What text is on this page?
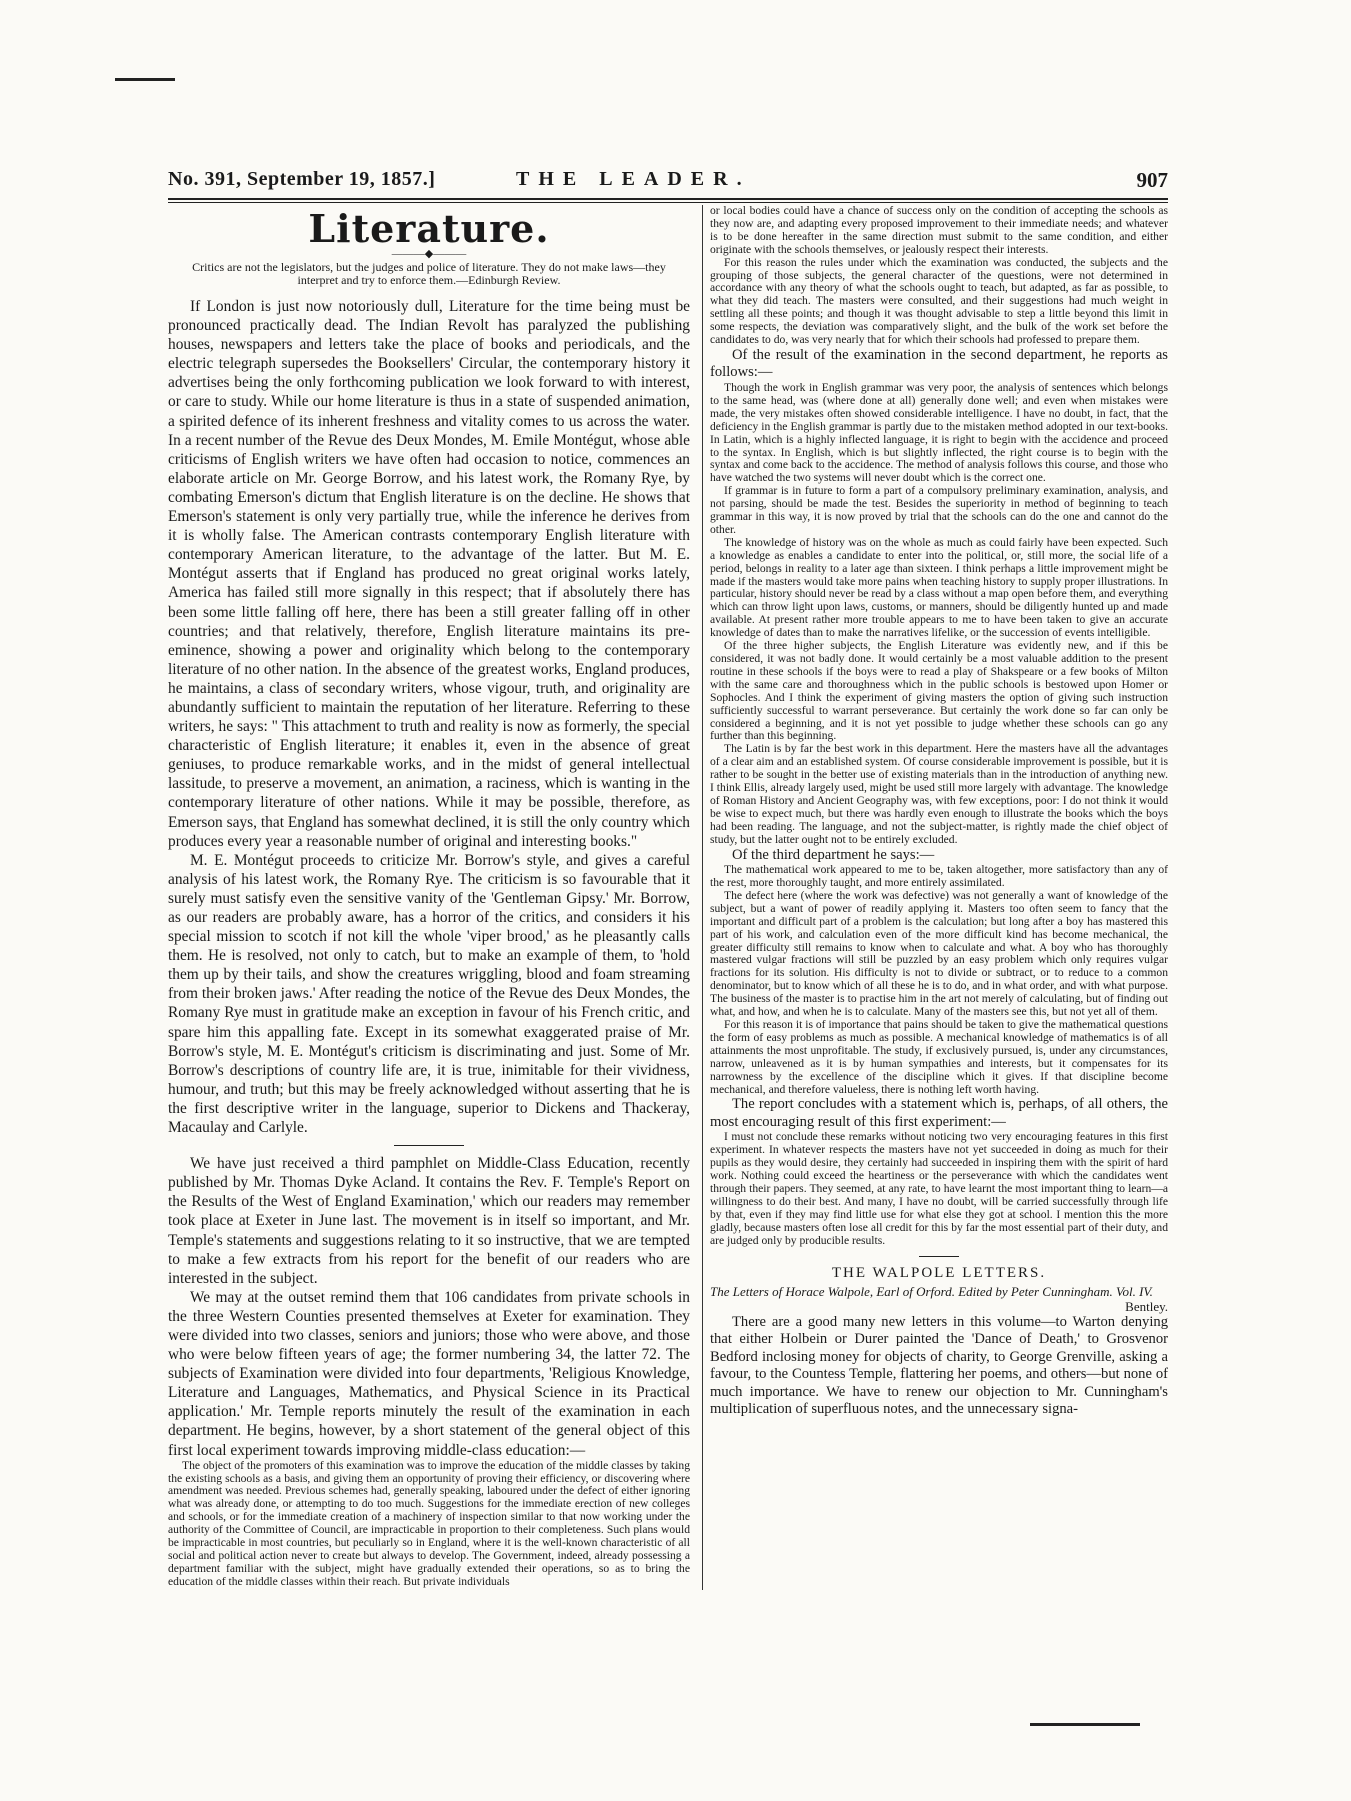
No. 391, September 19, 1857.]	THE LEADER.	907
Literature.
———◆———
Critics are not the legislators, but the judges and police of literature. They do not make laws—they interpret and try to enforce them.—Edinburgh Review.

If London is just now notoriously dull, Literature for the time being must be pronounced practically dead. The Indian Revolt has paralyzed the publishing houses, newspapers and letters take the place of books and periodicals, and the electric telegraph supersedes the Booksellers' Circular, the contemporary history it advertises being the only forthcoming publication we look forward to with interest, or care to study. While our home literature is thus in a state of suspended animation, a spirited defence of its inherent freshness and vitality comes to us across the water. In a recent number of the Revue des Deux Mondes, M. Emile Montégut, whose able criticisms of English writers we have often had occasion to notice, commences an elaborate article on Mr. George Borrow, and his latest work, the Romany Rye, by combating Emerson's dictum that English literature is on the decline. He shows that Emerson's statement is only very partially true, while the inference he derives from it is wholly false. The American contrasts contemporary English literature with contemporary American literature, to the advantage of the latter. But M. E. Montégut asserts that if England has produced no great original works lately, America has failed still more signally in this respect; that if absolutely there has been some little falling off here, there has been a still greater falling off in other countries; and that relatively, therefore, English literature maintains its pre-eminence, showing a power and originality which belong to the contemporary literature of no other nation. In the absence of the greatest works, England produces, he maintains, a class of secondary writers, whose vigour, truth, and originality are abundantly sufficient to maintain the reputation of her literature. Referring to these writers, he says: " This attachment to truth and reality is now as formerly, the special characteristic of English literature; it enables it, even in the absence of great geniuses, to produce remarkable works, and in the midst of general intellectual lassitude, to preserve a movement, an animation, a raciness, which is wanting in the contemporary literature of other nations. While it may be possible, therefore, as Emerson says, that England has somewhat declined, it is still the only country which produces every year a reasonable number of original and interesting books."

M. E. Montégut proceeds to criticize Mr. Borrow's style, and gives a careful analysis of his latest work, the Romany Rye. The criticism is so favourable that it surely must satisfy even the sensitive vanity of the 'Gentleman Gipsy.' Mr. Borrow, as our readers are probably aware, has a horror of the critics, and considers it his special mission to scotch if not kill the whole 'viper brood,' as he pleasantly calls them. He is resolved, not only to catch, but to make an example of them, to 'hold them up by their tails, and show the creatures wriggling, blood and foam streaming from their broken jaws.' After reading the notice of the Revue des Deux Mondes, the Romany Rye must in gratitude make an exception in favour of his French critic, and spare him this appalling fate. Except in its somewhat exaggerated praise of Mr. Borrow's style, M. E. Montégut's criticism is discriminating and just. Some of Mr. Borrow's descriptions of country life are, it is true, inimitable for their vividness, humour, and truth; but this may be freely acknowledged without asserting that he is the first descriptive writer in the language, superior to Dickens and Thackeray, Macaulay and Carlyle.

We have just received a third pamphlet on Middle-Class Education, recently published by Mr. Thomas Dyke Acland. It contains the Rev. F. Temple's Report on the Results of the West of England Examination,' which our readers may remember took place at Exeter in June last. The movement is in itself so important, and Mr. Temple's statements and suggestions relating to it so instructive, that we are tempted to make a few extracts from his report for the benefit of our readers who are interested in the subject.

We may at the outset remind them that 106 candidates from private schools in the three Western Counties presented themselves at Exeter for examination. They were divided into two classes, seniors and juniors; those who were above, and those who were below fifteen years of age; the former numbering 34, the latter 72. The subjects of Examination were divided into four departments, 'Religious Knowledge, Literature and Languages, Mathematics, and Physical Science in its Practical application.' Mr. Temple reports minutely the result of the examination in each department. He begins, however, by a short statement of the general object of this first local experiment towards improving middle-class education:—

The object of the promoters of this examination was to improve the education of the middle classes by taking the existing schools as a basis, and giving them an opportunity of proving their efficiency, or discovering where amendment was needed. Previous schemes had, generally speaking, laboured under the defect of either ignoring what was already done, or attempting to do too much. Suggestions for the immediate erection of new colleges and schools, or for the immediate creation of a machinery of inspection similar to that now working under the authority of the Committee of Council, are impracticable in proportion to their completeness. Such plans would be impracticable in most countries, but peculiarly so in England, where it is the well-known characteristic of all social and political action never to create but always to develop. The Government, indeed, already possessing a department familiar with the subject, might have gradually extended their operations, so as to bring the education of the middle classes within their reach. But private individuals

or local bodies could have a chance of success only on the condition of accepting the schools as they now are, and adapting every proposed improvement to their immediate needs; and whatever is to be done hereafter in the same direction must submit to the same condition, and either originate with the schools themselves, or jealously respect their interests.

For this reason the rules under which the examination was conducted, the subjects and the grouping of those subjects, the general character of the questions, were not determined in accordance with any theory of what the schools ought to teach, but adapted, as far as possible, to what they did teach. The masters were consulted, and their suggestions had much weight in settling all these points; and though it was thought advisable to step a little beyond this limit in some respects, the deviation was comparatively slight, and the bulk of the work set before the candidates to do, was very nearly that for which their schools had professed to prepare them.

Of the result of the examination in the second department, he reports as follows:—

Though the work in English grammar was very poor, the analysis of sentences which belongs to the same head, was (where done at all) generally done well; and even when mistakes were made, the very mistakes often showed considerable intelligence. I have no doubt, in fact, that the deficiency in the English grammar is partly due to the mistaken method adopted in our text-books. In Latin, which is a highly inflected language, it is right to begin with the accidence and proceed to the syntax. In English, which is but slightly inflected, the right course is to begin with the syntax and come back to the accidence. The method of analysis follows this course, and those who have watched the two systems will never doubt which is the correct one.

If grammar is in future to form a part of a compulsory preliminary examination, analysis, and not parsing, should be made the test. Besides the superiority in method of beginning to teach grammar in this way, it is now proved by trial that the schools can do the one and cannot do the other.

The knowledge of history was on the whole as much as could fairly have been expected. Such a knowledge as enables a candidate to enter into the political, or, still more, the social life of a period, belongs in reality to a later age than sixteen. I think perhaps a little improvement might be made if the masters would take more pains when teaching history to supply proper illustrations. In particular, history should never be read by a class without a map open before them, and everything which can throw light upon laws, customs, or manners, should be diligently hunted up and made available. At present rather more trouble appears to me to have been taken to give an accurate knowledge of dates than to make the narratives lifelike, or the succession of events intelligible.

Of the three higher subjects, the English Literature was evidently new, and if this be considered, it was not badly done. It would certainly be a most valuable addition to the present routine in these schools if the boys were to read a play of Shakspeare or a few books of Milton with the same care and thoroughness which in the public schools is bestowed upon Homer or Sophocles. And I think the experiment of giving masters the option of giving such instruction sufficiently successful to warrant perseverance. But certainly the work done so far can only be considered a beginning, and it is not yet possible to judge whether these schools can go any further than this beginning.

The Latin is by far the best work in this department. Here the masters have all the advantages of a clear aim and an established system. Of course considerable improvement is possible, but it is rather to be sought in the better use of existing materials than in the introduction of anything new. I think Ellis, already largely used, might be used still more largely with advantage. The knowledge of Roman History and Ancient Geography was, with few exceptions, poor: I do not think it would be wise to expect much, but there was hardly even enough to illustrate the books which the boys had been reading. The language, and not the subject-matter, is rightly made the chief object of study, but the latter ought not to be entirely excluded.

Of the third department he says:—

The mathematical work appeared to me to be, taken altogether, more satisfactory than any of the rest, more thoroughly taught, and more entirely assimilated.

The defect here (where the work was defective) was not generally a want of knowledge of the subject, but a want of power of readily applying it. Masters too often seem to fancy that the important and difficult part of a problem is the calculation; but long after a boy has mastered this part of his work, and calculation even of the more difficult kind has become mechanical, the greater difficulty still remains to know when to calculate and what. A boy who has thoroughly mastered vulgar fractions will still be puzzled by an easy problem which only requires vulgar fractions for its solution. His difficulty is not to divide or subtract, or to reduce to a common denominator, but to know which of all these he is to do, and in what order, and with what purpose. The business of the master is to practise him in the art not merely of calculating, but of finding out what, and how, and when he is to calculate. Many of the masters see this, but not yet all of them.

For this reason it is of importance that pains should be taken to give the mathematical questions the form of easy problems as much as possible. A mechanical knowledge of mathematics is of all attainments the most unprofitable. The study, if exclusively pursued, is, under any circumstances, narrow, unleavened as it is by human sympathies and interests, but it compensates for its narrowness by the excellence of the discipline which it gives. If that discipline become mechanical, and therefore valueless, there is nothing left worth having.

The report concludes with a statement which is, perhaps, of all others, the most encouraging result of this first experiment:—

I must not conclude these remarks without noticing two very encouraging features in this first experiment. In whatever respects the masters have not yet succeeded in doing as much for their pupils as they would desire, they certainly had succeeded in inspiring them with the spirit of hard work. Nothing could exceed the heartiness or the perseverance with which the candidates went through their papers. They seemed, at any rate, to have learnt the most important thing to learn—a willingness to do their best. And many, I have no doubt, will be carried successfully through life by that, even if they may find little use for what else they got at school. I mention this the more gladly, because masters often lose all credit for this by far the most essential part of their duty, and are judged only by producible results.

THE WALPOLE LETTERS.
The Letters of Horace Walpole, Earl of Orford. Edited by Peter Cunningham. Vol. IV.
Bentley.

There are a good many new letters in this volume—to Warton denying that either Holbein or Durer painted the 'Dance of Death,' to Grosvenor Bedford inclosing money for objects of charity, to George Grenville, asking a favour, to the Countess Temple, flattering her poems, and others—but none of much importance. We have to renew our objection to Mr. Cunningham's multiplication of superfluous notes, and the unnecessary signa-
